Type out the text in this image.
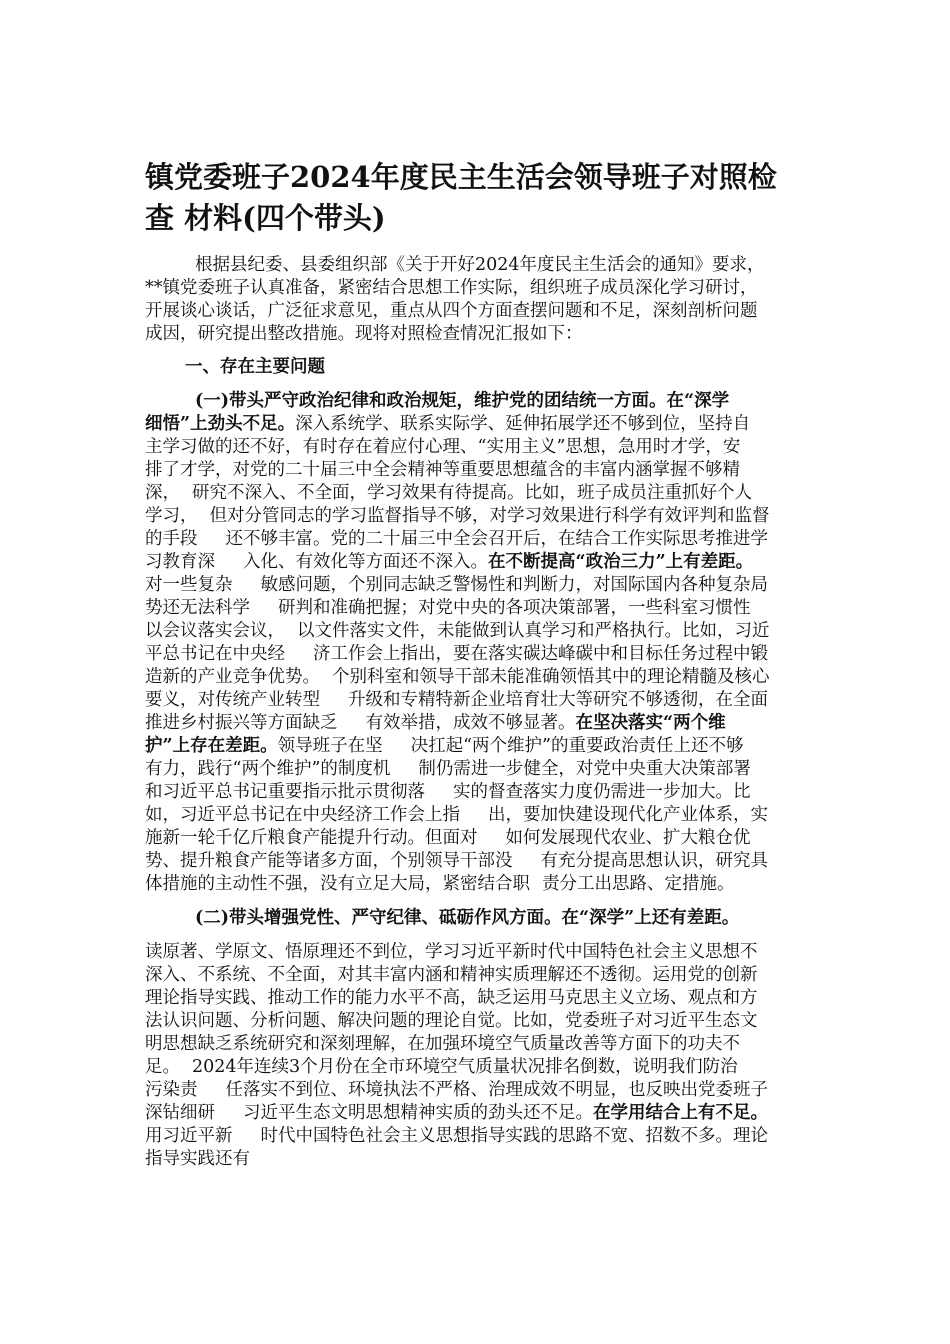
镇党委班子2024年度民主生活会领导班子对照检
查 材料(四个带头)

根据县纪委、县委组织部《关于开好2024年度民主生活会的通知》要求，

**镇党委班子认真准备，紧密结合思想工作实际，组织班子成员深化学习研讨，

开展谈心谈话，广泛征求意见，重点从四个方面查摆问题和不足，深刻剖析问题

成因，研究提出整改措施。现将对照检查情况汇报如下：

一、存在主要问题

(一)带头严守政治纪律和政治规矩，维护党的团结统一方面。在“深学

细悟”上劲头不足。深入系统学、联系实际学、延伸拓展学还不够到位，坚持自

主学习做的还不好，有时存在着应付心理、“实用主义”思想，急用时才学，安

排了才学，对党的二十届三中全会精神等重要思想蕴含的丰富内涵掌握不够精

深， 研究不深入、不全面，学习效果有待提高。比如，班子成员注重抓好个人

学习， 但对分管同志的学习监督指导不够，对学习效果进行科学有效评判和监督

的手段 还不够丰富。党的二十届三中全会召开后，在结合工作实际思考推进学

习教育深 入化、有效化等方面还不深入。在不断提高“政治三力”上有差距。

对一些复杂 敏感问题，个别同志缺乏警惕性和判断力，对国际国内各种复杂局

势还无法科学 研判和准确把握；对党中央的各项决策部署，一些科室习惯性

以会议落实会议， 以文件落实文件，未能做到认真学习和严格执行。比如，习近

平总书记在中央经 济工作会上指出，要在落实碳达峰碳中和目标任务过程中锻

造新的产业竞争优势。 个别科室和领导干部未能准确领悟其中的理论精髓及核心

要义，对传统产业转型 升级和专精特新企业培育壮大等研究不够透彻，在全面

推进乡村振兴等方面缺乏 有效举措，成效不够显著。在坚决落实“两个维

护”上存在差距。领导班子在坚 决扛起“两个维护”的重要政治责任上还不够

有力，践行“两个维护”的制度机 制仍需进一步健全，对党中央重大决策部署

和习近平总书记重要指示批示贯彻落 实的督查落实力度仍需进一步加大。比

如，习近平总书记在中央经济工作会上指 出，要加快建设现代化产业体系，实

施新一轮千亿斤粮食产能提升行动。但面对 如何发展现代农业、扩大粮仓优

势、提升粮食产能等诸多方面，个别领导干部没 有充分提高思想认识，研究具

体措施的主动性不强，没有立足大局，紧密结合职 责分工出思路、定措施。

(二)带头增强党性、严守纪律、砥砺作风方面。在“深学”上还有差距。

读原著、学原文、悟原理还不到位，学习习近平新时代中国特色社会主义思想不

深入、不系统、不全面，对其丰富内涵和精神实质理解还不透彻。运用党的创新

理论指导实践、推动工作的能力水平不高，缺乏运用马克思主义立场、观点和方

法认识问题、分析问题、解决问题的理论自觉。比如，党委班子对习近平生态文

明思想缺乏系统研究和深刻理解，在加强环境空气质量改善等方面下的功夫不

足。 2024年连续3个月份在全市环境空气质量状况排名倒数，说明我们防治

污染责 任落实不到位、环境执法不严格、治理成效不明显，也反映出党委班子

深钻细研 习近平生态文明思想精神实质的劲头还不足。在学用结合上有不足。

用习近平新 时代中国特色社会主义思想指导实践的思路不宽、招数不多。理论

指导实践还有
